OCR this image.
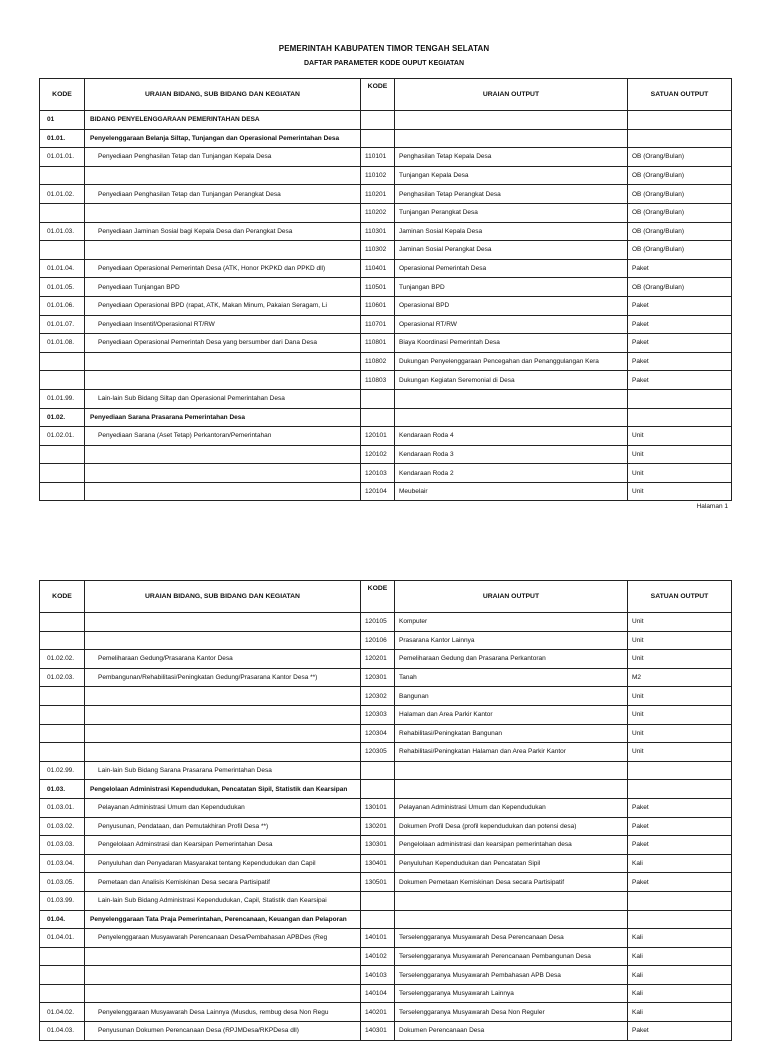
PEMERINTAH KABUPATEN TIMOR TENGAH SELATAN
DAFTAR PARAMETER KODE OUPUT KEGIATAN
KODE	URAIAN BIDANG, SUB BIDANG DAN KEGIATAN	KODE	URAIAN OUTPUT	SATUAN OUTPUT
01	BIDANG PENYELENGGARAAN PEMERINTAHAN DESA			
01.01.	Penyelenggaraan Belanja Siltap, Tunjangan dan Operasional Pemerintahan Desa			
01.01.01.	Penyediaan Penghasilan Tetap dan Tunjangan Kepala Desa	110101	Penghasilan Tetap Kepala Desa	OB (Orang/Bulan)
		110102	Tunjangan Kepala Desa	OB (Orang/Bulan)
01.01.02.	Penyediaan Penghasilan Tetap dan Tunjangan Perangkat Desa	110201	Penghasilan Tetap Perangkat Desa	OB (Orang/Bulan)
		110202	Tunjangan Perangkat Desa	OB (Orang/Bulan)
01.01.03.	Penyediaan Jaminan Sosial bagi Kepala Desa dan Perangkat Desa	110301	Jaminan Sosial Kepala Desa	OB (Orang/Bulan)
		110302	Jaminan Sosial Perangkat Desa	OB (Orang/Bulan)
01.01.04.	Penyediaan Operasional Pemerintah Desa (ATK, Honor PKPKD dan PPKD dll)	110401	Operasional Pemerintah Desa	Paket
01.01.05.	Penyediaan Tunjangan BPD	110501	Tunjangan BPD	OB (Orang/Bulan)
01.01.06.	Penyediaan Operasional BPD (rapat, ATK, Makan Minum, Pakaian Seragam, Li	110601	Operasional BPD	Paket
01.01.07.	Penyediaan Insentif/Operasional RT/RW	110701	Operasional RT/RW	Paket
01.01.08.	Penyediaan Operasional Pemerintah Desa yang bersumber dari Dana Desa	110801	Biaya Koordinasi Pemerintah Desa	Paket
		110802	Dukungan Penyelenggaraan Pencegahan dan Penanggulangan Kera	Paket
		110803	Dukungan Kegiatan Seremonial di Desa	Paket
01.01.99.	Lain-lain Sub Bidang Siltap dan Operasional Pemerintahan Desa			
01.02.	Penyediaan Sarana Prasarana Pemerintahan Desa			
01.02.01.	Penyediaan Sarana (Aset Tetap) Perkantoran/Pemerintahan	120101	Kendaraan Roda 4	Unit
		120102	Kendaraan Roda 3	Unit
		120103	Kendaraan Roda 2	Unit
		120104	Meubelair	Unit
Halaman 1
KODE	URAIAN BIDANG, SUB BIDANG DAN KEGIATAN	KODE	URAIAN OUTPUT	SATUAN OUTPUT
		120105	Komputer	Unit
		120106	Prasarana Kantor Lainnya	Unit
01.02.02.	Pemeliharaan Gedung/Prasarana Kantor Desa	120201	Pemeliharaan Gedung dan Prasarana Perkantoran	Unit
01.02.03.	Pembangunan/Rehabilitasi/Peningkatan Gedung/Prasarana Kantor Desa **)	120301	Tanah	M2
		120302	Bangunan	Unit
		120303	Halaman dan Area Parkir Kantor	Unit
		120304	Rehabilitasi/Peningkatan Bangunan	Unit
		120305	Rehabilitasi/Peningkatan Halaman dan Area Parkir Kantor	Unit
01.02.99.	Lain-lain Sub Bidang Sarana Prasarana Pemerintahan Desa			
01.03.	Pengelolaan Administrasi Kependudukan, Pencatatan Sipil, Statistik dan Kearsipan			
01.03.01.	Pelayanan Administrasi Umum dan Kependudukan	130101	Pelayanan Administrasi Umum dan Kependudukan	Paket
01.03.02.	Penyusunan, Pendataan, dan Pemutakhiran Profil Desa **)	130201	Dokumen Profil Desa (profil kependudukan dan potensi desa)	Paket
01.03.03.	Pengelolaan Adminstrasi dan Kearsipan Pemerintahan Desa	130301	Pengelolaan administrasi dan kearsipan pemerintahan desa	Paket
01.03.04.	Penyuluhan dan Penyadaran Masyarakat tentang Kependudukan dan Capil	130401	Penyuluhan Kependudukan dan Pencatatan Sipil	Kali
01.03.05.	Pemetaan dan Analisis Kemiskinan Desa secara Partisipatif	130501	Dokumen Pemetaan Kemiskinan Desa secara Partisipatif	Paket
01.03.99.	Lain-lain Sub Bidang Administrasi Kependudukan, Capil, Statistik dan Kearsipai			
01.04.	Penyelenggaraan Tata Praja Pemerintahan, Perencanaan, Keuangan dan Pelaporan			
01.04.01.	Penyelenggaraan Musyawarah Perencanaan Desa/Pembahasan APBDes (Reg	140101	Terselenggaranya Musyawarah Desa Perencanaan Desa	Kali
		140102	Terselenggaranya Musyawarah Perencanaan Pembangunan Desa	Kali
		140103	Terselenggaranya Musyawarah Pembahasan APB Desa	Kali
		140104	Terselenggaranya Musyawarah Lainnya	Kali
01.04.02.	Penyelenggaraan Musyawarah Desa Lainnya (Musdus, rembug desa Non Regu	140201	Terselenggaranya Musyawarah Desa Non Reguler	Kali
01.04.03.	Penyusunan Dokumen Perencanaan Desa (RPJMDesa/RKPDesa dll)	140301	Dokumen Perencanaan Desa	Paket
